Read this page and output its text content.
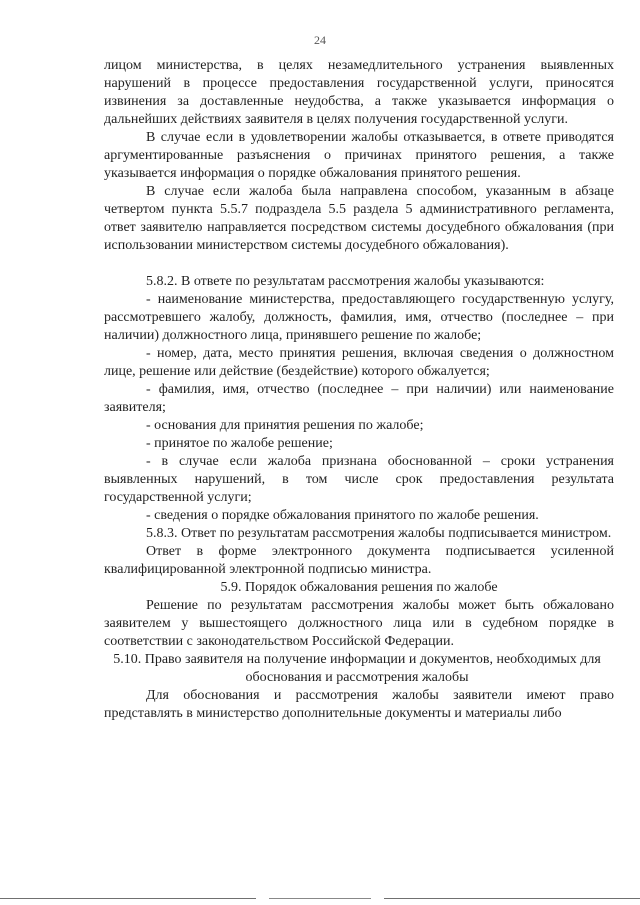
24

лицом министерства, в целях незамедлительного устранения выявленных нарушений в процессе предоставления государственной услуги, приносятся извинения за доставленные неудобства, а также указывается информация о дальнейших действиях заявителя в целях получения государственной услуги.

В случае если в удовлетворении жалобы отказывается, в ответе приводятся аргументированные разъяснения о причинах принятого решения, а также указывается информация о порядке обжалования принятого решения.

В случае если жалоба была направлена способом, указанным в абзаце четвертом пункта 5.5.7 подраздела 5.5 раздела 5 административного регламента, ответ заявителю направляется посредством системы досудебного обжалования (при использовании министерством системы досудебного обжалования).

5.8.2. В ответе по результатам рассмотрения жалобы указываются:

- наименование министерства, предоставляющего государственную услугу, рассмотревшего жалобу, должность, фамилия, имя, отчество (последнее – при наличии) должностного лица, принявшего решение по жалобе;

- номер, дата, место принятия решения, включая сведения о должностном лице, решение или действие (бездействие) которого обжалуется;

- фамилия, имя, отчество (последнее – при наличии) или наименование заявителя;

- основания для принятия решения по жалобе;

- принятое по жалобе решение;

- в случае если жалоба признана обоснованной – сроки устранения выявленных нарушений, в том числе срок предоставления результата государственной услуги;

- сведения о порядке обжалования принятого по жалобе решения.

5.8.3. Ответ по результатам рассмотрения жалобы подписывается министром.

Ответ в форме электронного документа подписывается усиленной квалифицированной электронной подписью министра.

5.9. Порядок обжалования решения по жалобе

Решение по результатам рассмотрения жалобы может быть обжаловано заявителем у вышестоящего должностного лица или в судебном порядке в соответствии с законодательством Российской Федерации.

5.10. Право заявителя на получение информации и документов, необходимых для обоснования и рассмотрения жалобы

Для обоснования и рассмотрения жалобы заявители имеют право представлять в министерство дополнительные документы и материалы либо
